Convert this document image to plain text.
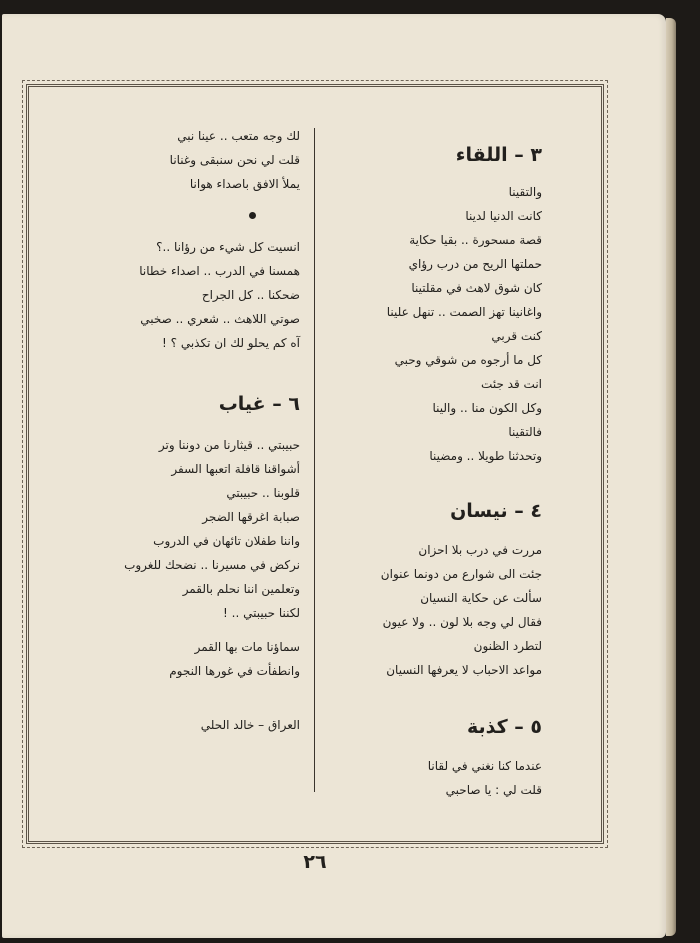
٣ – اللقاء
والتقينا
كانت الدنيا لدينا
قصة مسحورة .. بقيا حكاية
حملتها الريح من درب رؤاي
كان شوق لاهث في مقلتينا
واغانينا تهز الصمت .. تنهل علينا
كنت قربي
كل ما أرجوه من شوقي وحبي
انت قد جئت
وكل الكون منا .. والينا
فالتقينا
وتحدثنا طويلا .. ومضينا
٤ – نيسان
مررت في درب بلا احزان
جئت الى شوارع من دونما عنوان
سألت عن حكاية النسيان
فقال لي وجه بلا لون .. ولا عيون
لتطرد الظنون
مواعد الاحباب لا يعرفها النسيان
٥ – كذبة
عندما كنا نغني في لقانا
قلت لي : يا صاحبي
لك وجه متعب .. عينا نبي
قلت لي نحن سنبقى وغنانا
يملأ الافق باصداء هوانا
انسيت كل شيء من رؤانا ..؟
همسنا في الدرب .. اصداء خطانا
ضحكنا .. كل الجراح
صوتي اللاهث .. شعري .. صخبي
آه كم يحلو لك ان تكذبي ؟ !
٦ – غياب
حبيبتي .. قيثارنا من دوننا وتر
أشواقنا قافلة اتعبها السفر
قلوبنا .. حبيبتي
صبابة اغرقها الضجر
واننا طفلان تائهان في الدروب
نركض في مسيرنا .. نضحك للغروب
وتعلمين اننا نحلم بالقمر
لكننا حبيبتي .. !
سماؤنا مات بها القمر
وانطفأت في غورها النجوم
العراق – خالد الحلي
٢٦
